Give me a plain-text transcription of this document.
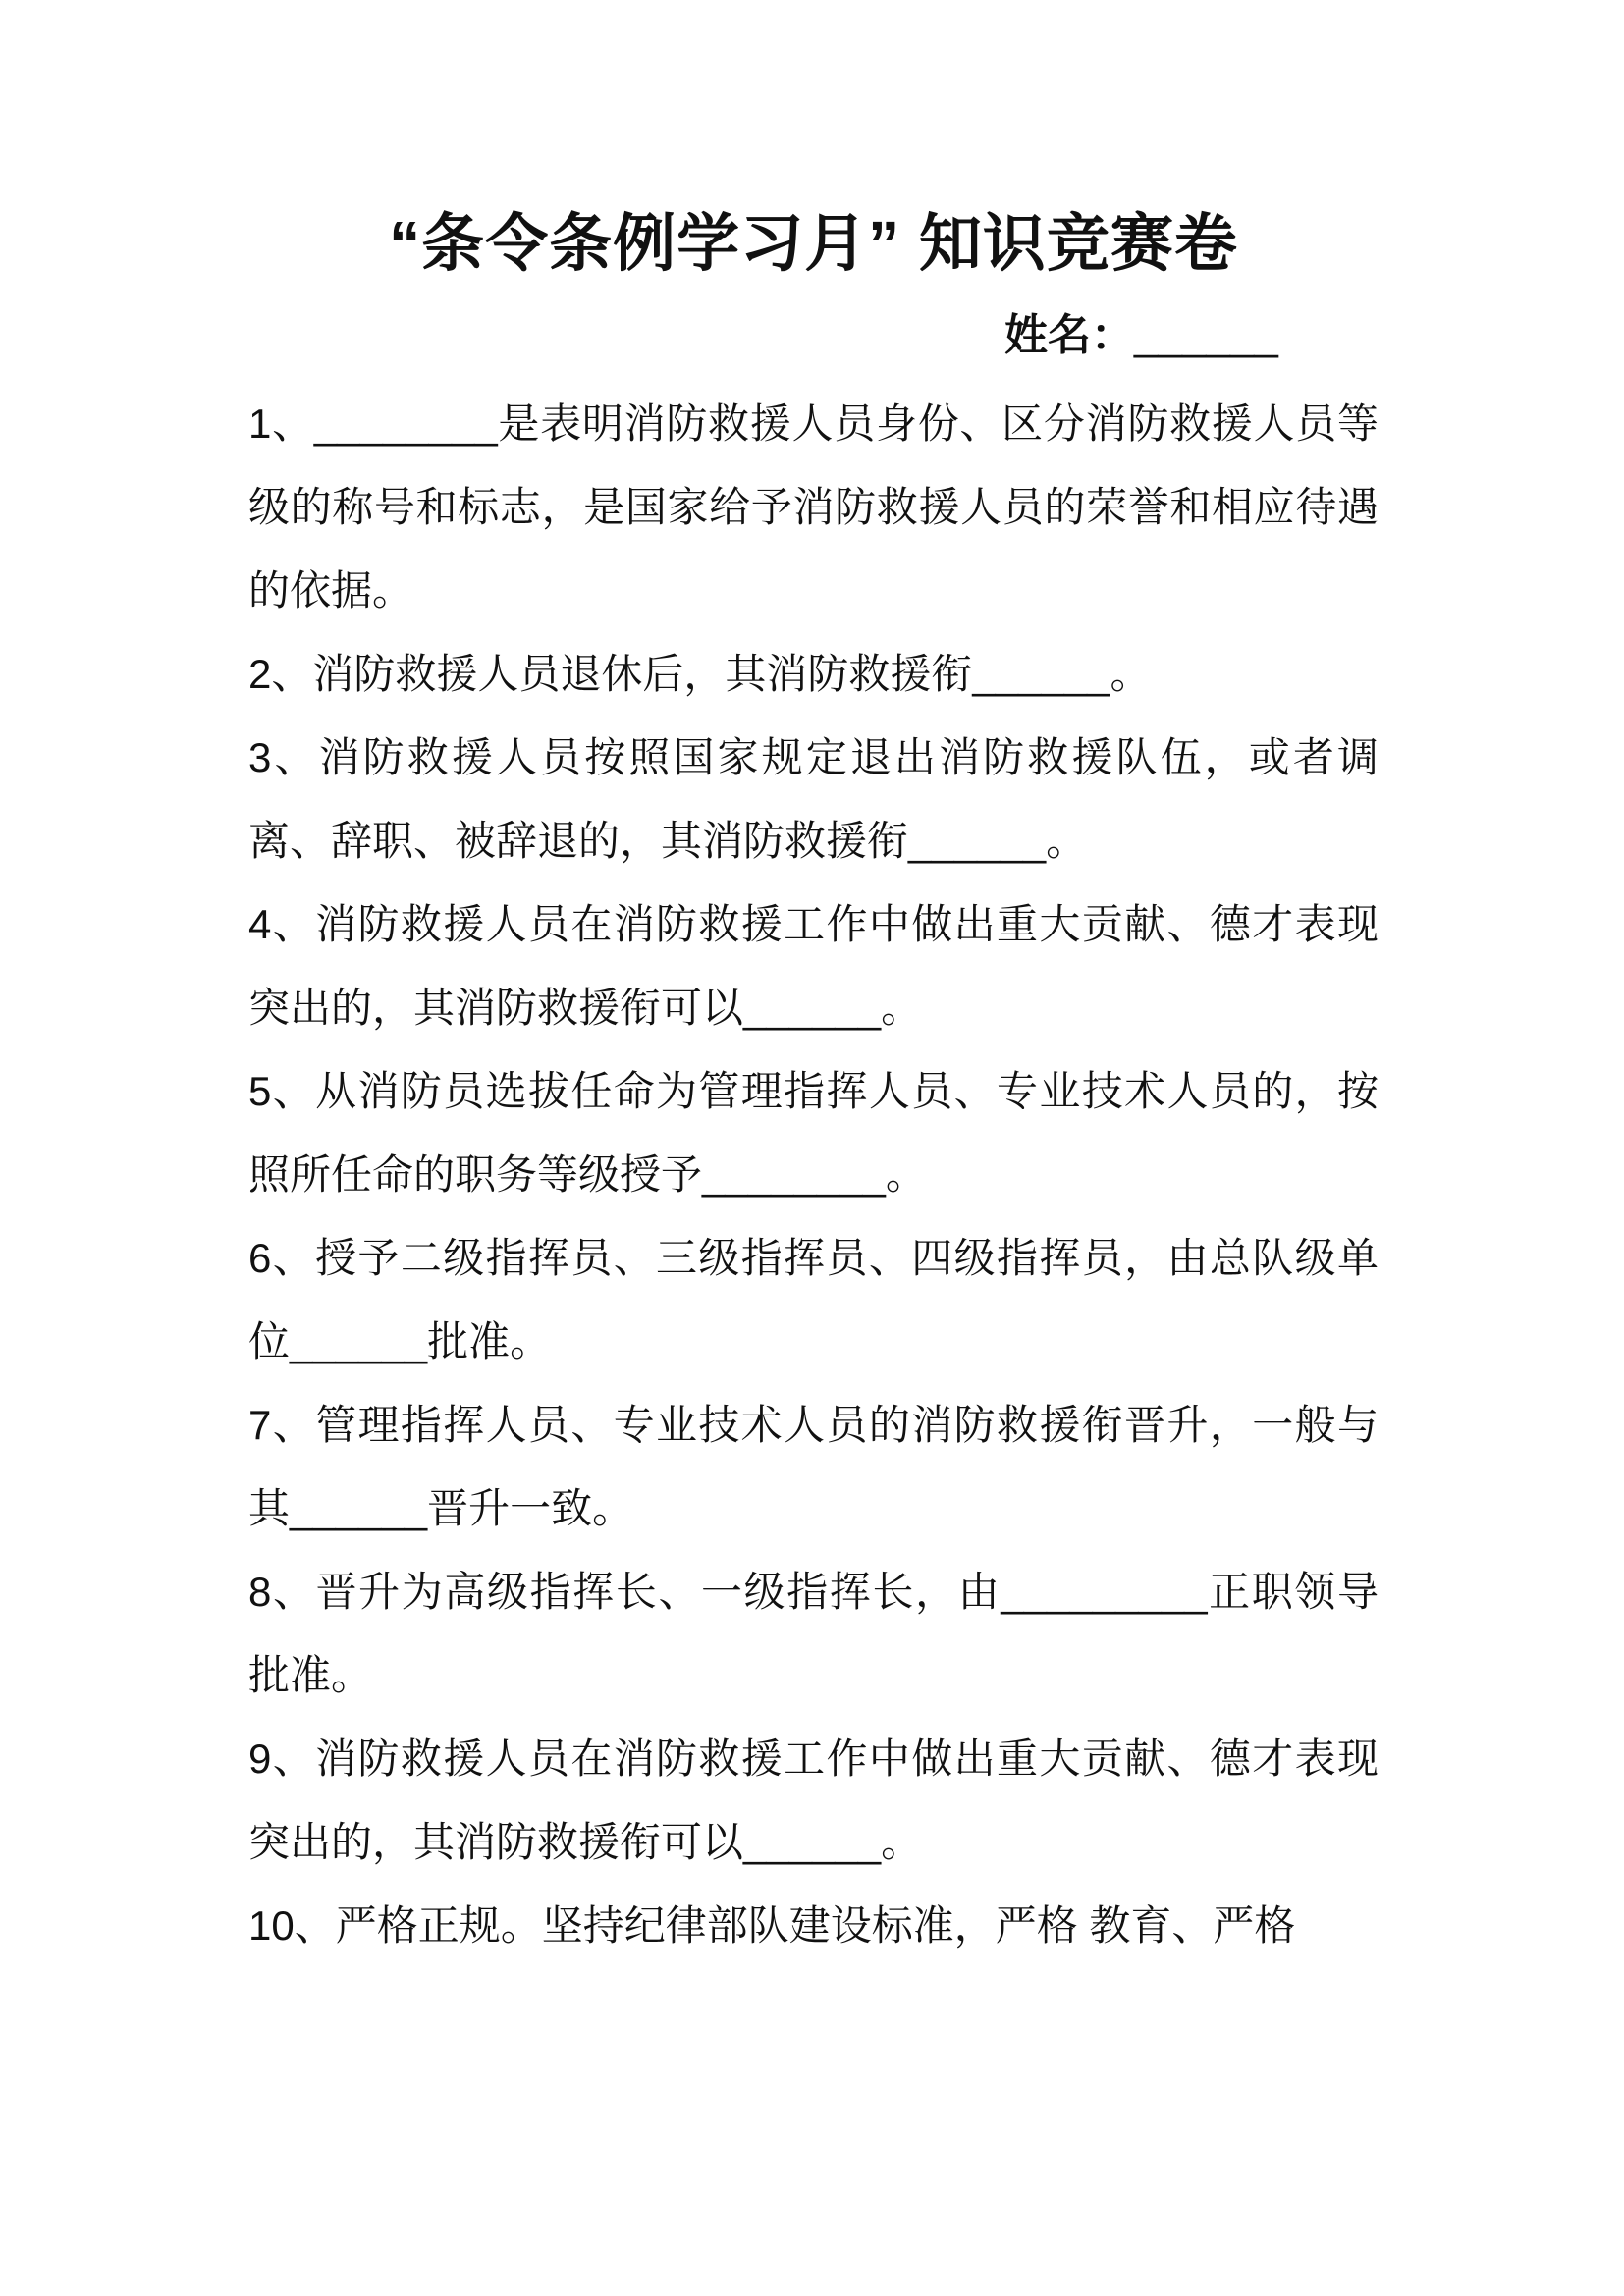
“条令条例学习月” 知识竞赛卷
姓名：______

1、________是表明消防救援人员身份、区分消防救援人员等级的称号和标志，是国家给予消防救援人员的荣誉和相应待遇的依据。

2、消防救援人员退休后，其消防救援衔______。

3、消防救援人员按照国家规定退出消防救援队伍，或者调离、辞职、被辞退的，其消防救援衔______。

4、消防救援人员在消防救援工作中做出重大贡献、德才表现突出的，其消防救援衔可以______。

5、从消防员选拔任命为管理指挥人员、专业技术人员的，按照所任命的职务等级授予________。

6、授予二级指挥员、三级指挥员、四级指挥员，由总队级单位______批准。

7、管理指挥人员、专业技术人员的消防救援衔晋升，一般与其______晋升一致。

8、晋升为高级指挥长、一级指挥长，由_________正职领导批准。

9、消防救援人员在消防救援工作中做出重大贡献、德才表现突出的，其消防救援衔可以______。

10、严格正规。坚持纪律部队建设标准，严格 教育、严格
